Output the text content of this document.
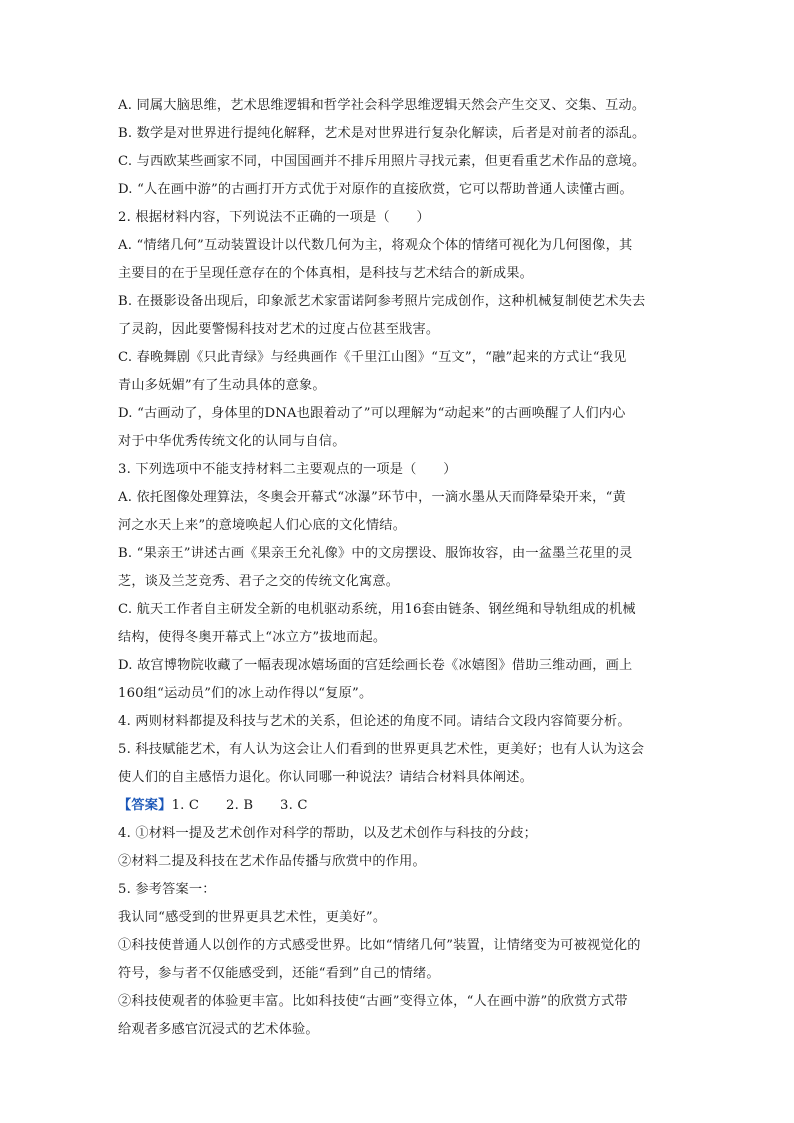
A. 同属大脑思维，艺术思维逻辑和哲学社会科学思维逻辑天然会产生交叉、交集、互动。
B. 数学是对世界进行提纯化解释，艺术是对世界进行复杂化解读，后者是对前者的添乱。
C. 与西欧某些画家不同，中国国画并不排斥用照片寻找元素，但更看重艺术作品的意境。
D. “人在画中游”的古画打开方式优于对原作的直接欣赏，它可以帮助普通人读懂古画。
2. 根据材料内容，下列说法不正确的一项是（　　）
A. “情绪几何”互动装置设计以代数几何为主，将观众个体的情绪可视化为几何图像，其
主要目的在于呈现任意存在的个体真相，是科技与艺术结合的新成果。
B. 在摄影设备出现后，印象派艺术家雷诺阿参考照片完成创作，这种机械复制使艺术失去
了灵韵，因此要警惕科技对艺术的过度占位甚至戕害。
C. 春晚舞剧《只此青绿》与经典画作《千里江山图》“互文”，“融”起来的方式让“我见
青山多妩媚”有了生动具体的意象。
D. “古画动了，身体里的DNA也跟着动了”可以理解为“动起来”的古画唤醒了人们内心
对于中华优秀传统文化的认同与自信。
3. 下列选项中不能支持材料二主要观点的一项是（　　）
A. 依托图像处理算法，冬奥会开幕式“冰瀑”环节中，一滴水墨从天而降晕染开来，“黄
河之水天上来”的意境唤起人们心底的文化情结。
B. “果亲王”讲述古画《果亲王允礼像》中的文房摆设、服饰妆容，由一盆墨兰花里的灵
芝，谈及兰芝竞秀、君子之交的传统文化寓意。
C. 航天工作者自主研发全新的电机驱动系统，用16套由链条、钢丝绳和导轨组成的机械
结构，使得冬奥开幕式上“冰立方”拔地而起。
D. 故宫博物院收藏了一幅表现冰嬉场面的宫廷绘画长卷《冰嬉图》借助三维动画，画上
160组“运动员”们的冰上动作得以“复原”。
4. 两则材料都提及科技与艺术的关系，但论述的角度不同。请结合文段内容简要分析。
5. 科技赋能艺术，有人认为这会让人们看到的世界更具艺术性，更美好；也有人认为这会
使人们的自主感悟力退化。你认同哪一种说法？请结合材料具体阐述。
【答案】1. C　　2. B　　3. C
4. ①材料一提及艺术创作对科学的帮助，以及艺术创作与科技的分歧；
②材料二提及科技在艺术作品传播与欣赏中的作用。
5. 参考答案一：
我认同“感受到的世界更具艺术性，更美好”。
①科技使普通人以创作的方式感受世界。比如“情绪几何”装置，让情绪变为可被视觉化的
符号，参与者不仅能感受到，还能“看到”自己的情绪。
②科技使观者的体验更丰富。比如科技使“古画”变得立体，“人在画中游”的欣赏方式带
给观者多感官沉浸式的艺术体验。
